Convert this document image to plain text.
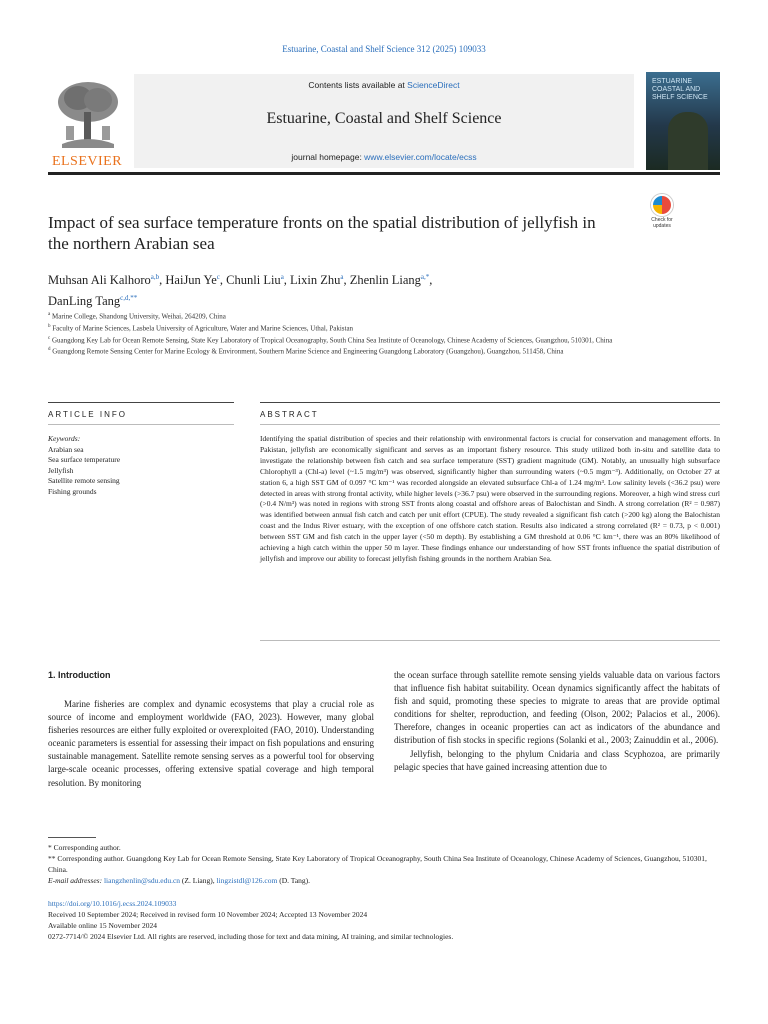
Estuarine, Coastal and Shelf Science 312 (2025) 109033
ELSEVIER
Contents lists available at ScienceDirect
Estuarine, Coastal and Shelf Science
journal homepage: www.elsevier.com/locate/ecss
ESTUARINE COASTAL AND SHELF SCIENCE
Impact of sea surface temperature fronts on the spatial distribution of jellyfish in the northern Arabian sea
Check for updates
Muhsan Ali Kalhoro$^{a,b}$, HaiJun Ye$^c$, Chunli Liu$^a$, Lixin Zhu$^a$, Zhenlin Liang$^{a,*}$,
DanLing Tang$^{c,d,**}$
$^a$ Marine College, Shandong University, Weihai, 264209, China
$^b$ Faculty of Marine Sciences, Lasbela University of Agriculture, Water and Marine Sciences, Uthal, Pakistan
$^c$ Guangdong Key Lab for Ocean Remote Sensing, State Key Laboratory of Tropical Oceanography, South China Sea Institute of Oceanology, Chinese Academy of Sciences, Guangzhou, 510301, China
$^d$ Guangdong Remote Sensing Center for Marine Ecology & Environment, Southern Marine Science and Engineering Guangdong Laboratory (Guangzhou), Guangzhou, 511458, China
ARTICLE INFO	ABSTRACT
Keywords:
Arabian sea
Sea surface temperature
Jellyfish
Satellite remote sensing
Fishing grounds
Identifying the spatial distribution of species and their relationship with environmental factors is crucial for conservation and management efforts. In Pakistan, jellyfish are economically significant and serves as an important fishery resource. This study utilized both in-situ and satellite data to investigate the relationship between fish catch and sea surface temperature (SST) gradient magnitude (GM). Notably, an unusually high subsurface Chlorophyll a (Chl-a) level (~1.5 mg/m³) was observed, significantly higher than surrounding waters (~0.5 mgm⁻³). Additionally, on October 27 at station 6, a high SST GM of 0.097 °C km⁻¹ was recorded alongside an elevated subsurface Chl-a of 1.24 mg/m³. Low salinity levels (<36.2 psu) were detected in areas with strong frontal activity, while higher levels (>36.7 psu) were observed in the surrounding regions. Moreover, a high wind stress curl (>0.4 N/m³) was noted in regions with strong SST fronts along coastal and offshore areas of Balochistan and Sindh. A strong correlation (R² = 0.987) was identified between annual fish catch and catch per unit effort (CPUE). The study revealed a significant fish catch (>200 kg) along the Balochistan coast and the Indus River estuary, with the exception of one offshore catch station. Results also indicated a strong correlated (R² = 0.73, p < 0.001) between SST GM and fish catch in the upper layer (<50 m depth). By establishing a GM threshold at 0.06 °C km⁻¹, there was an 80% likelihood of achieving a high catch within the upper 50 m layer. These findings enhance our understanding of how SST fronts influence the spatial distribution of jellyfish and improve our ability to forecast jellyfish fishing grounds in the northern Arabian Sea.
1. Introduction

Marine fisheries are complex and dynamic ecosystems that play a crucial role as source of income and employment worldwide (FAO, 2023). However, many global fisheries resources are either fully exploited or overexploited (FAO, 2010). Understanding oceanic parameters is essential for assessing their impact on fish populations and ensuring sustainable management. Satellite remote sensing serves as a powerful tool for observing large-scale oceanic processes, offering extensive spatial coverage and high temporal resolution. By monitoring

the ocean surface through satellite remote sensing yields valuable data on various factors that influence fish habitat suitability. Ocean dynamics significantly affect the habitats of fish and squid, promoting these species to migrate to areas that are provide optimal conditions for shelter, reproduction, and feeding (Olson, 2002; Palacios et al., 2006). Therefore, changes in oceanic properties can act as indicators of the abundance and distribution of fish stocks in specific regions (Solanki et al., 2003; Zainuddin et al., 2006).

Jellyfish, belonging to the phylum Cnidaria and class Scyphozoa, are primarily pelagic species that have gained increasing attention due to

* Corresponding author.
** Corresponding author. Guangdong Key Lab for Ocean Remote Sensing, State Key Laboratory of Tropical Oceanography, South China Sea Institute of Oceanology, Chinese Academy of Sciences, Guangzhou, 510301, China.
E-mail addresses: liangzhenlin@sdu.edu.cn (Z. Liang), lingzistdl@126.com (D. Tang).
https://doi.org/10.1016/j.ecss.2024.109033
Received 10 September 2024; Received in revised form 10 November 2024; Accepted 13 November 2024
Available online 15 November 2024
0272-7714/© 2024 Elsevier Ltd. All rights are reserved, including those for text and data mining, AI training, and similar technologies.
